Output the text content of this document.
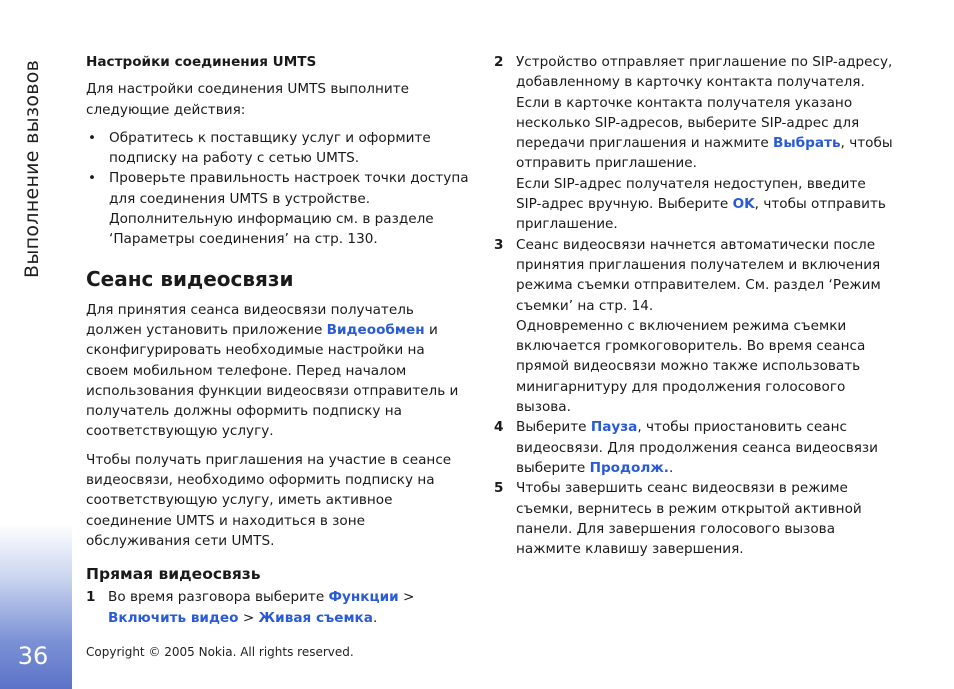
Выполнение вызовов
36

Настройки соединения UMTS

Для настройки соединения UMTS выполните следующие действия:

• Обратитесь к поставщику услуг и оформите подписку на работу с сетью UMTS.
• Проверьте правильность настроек точки доступа для соединения UMTS в устройстве. Дополнительную информацию см. в разделе ‘Параметры соединения’ на стр. 130.

Сеанс видеосвязи

Для принятия сеанса видеосвязи получатель должен установить приложение Видеообмен и сконфигурировать необходимые настройки на своем мобильном телефоне. Перед началом использования функции видеосвязи отправитель и получатель должны оформить подписку на соответствующую услугу.

Чтобы получать приглашения на участие в сеансе видеосвязи, необходимо оформить подписку на соответствующую услугу, иметь активное соединение UMTS и находиться в зоне обслуживания сети UMTS.

Прямая видеосвязь

1 Во время разговора выберите Функции > Включить видео > Живая съемка.
2 Устройство отправляет приглашение по SIP-адресу, добавленному в карточку контакта получателя.

Если в карточке контакта получателя указано несколько SIP-адресов, выберите SIP-адрес для передачи приглашения и нажмите Выбрать, чтобы отправить приглашение.

Если SIP-адрес получателя недоступен, введите SIP-адрес вручную. Выберите OK, чтобы отправить приглашение.

3 Сеанс видеосвязи начнется автоматически после принятия приглашения получателем и включения режима съемки отправителем. См. раздел ‘Режим съемки’ на стр. 14.

Одновременно с включением режима съемки включается громкоговоритель. Во время сеанса прямой видеосвязи можно также использовать минигарнитуру для продолжения голосового вызова.

4 Выберите Пауза, чтобы приостановить сеанс видеосвязи. Для продолжения сеанса видеосвязи выберите Продолж..
5 Чтобы завершить сеанс видеосвязи в режиме съемки, вернитесь в режим открытой активной панели. Для завершения голосового вызова нажмите клавишу завершения.
Copyright © 2005 Nokia. All rights reserved.
